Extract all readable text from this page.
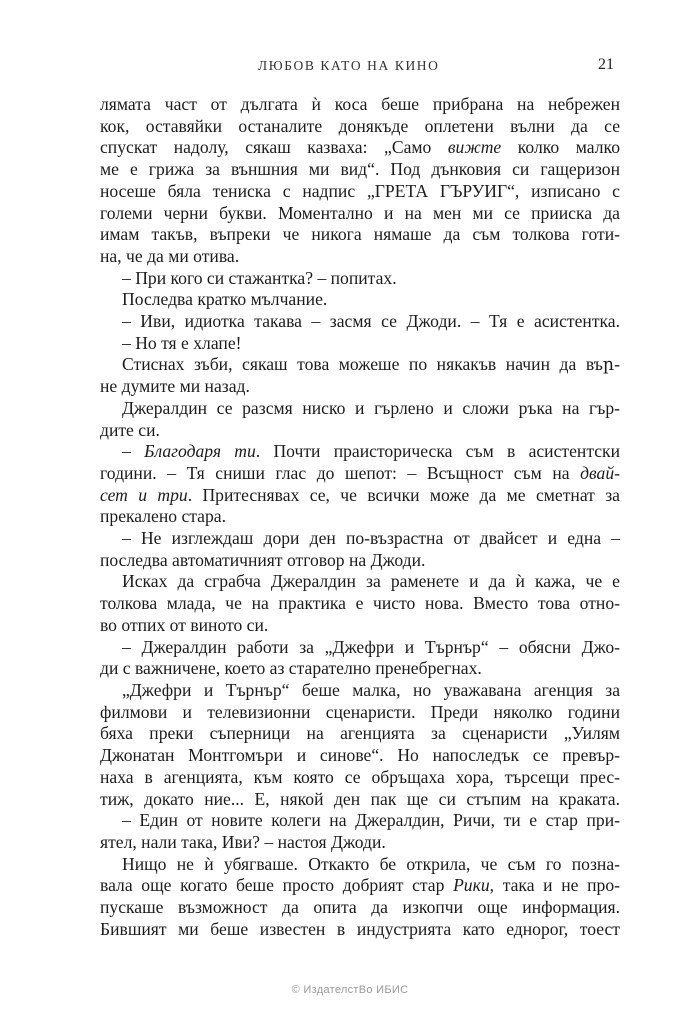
ЛЮБОВ КАТО НА КИНО	21
лямата част от дългата ѝ коса беше прибрана на небрежен
кок, оставяйки останалите донякъде оплетени вълни да се
спускат надолу, сякаш казваха: „Само вижте колко малко
ме е грижа за външния ми вид“. Под дънковия си гащеризон
носеше бяла тениска с надпис „ГРЕТА ГЪРУИГ“, изписано с
големи черни букви. Моментално и на мен ми се прииска да
имам такъв, въпреки че никога нямаше да съм толкова готи-
на, че да ми отива.
– При кого си стажантка? – попитах.
Последва кратко мълчание.
– Иви, идиотка такава – засмя се Джоди. – Тя е асистентка.
– Но тя е хлапе!
Стиснах зъби, сякаш това можеше по някакъв начин да въր-
не думите ми назад.
Джералдин се разсмя ниско и гърлено и сложи ръка на гър-
дите си.
– Благодаря ти. Почти праисторическа съм в асистентски
години. – Тя сниши глас до шепот: – Всъщност съм на двай-
сет и три. Притеснявах се, че всички може да ме сметнат за
прекалено стара.
– Не изглеждаш дори ден по-възрастна от двайсет и една –
последва автоматичният отговор на Джоди.
Исках да сграбча Джералдин за раменете и да ѝ кажа, че е
толкова млада, че на практика е чисто нова. Вместо това отно-
во отпих от виното си.
– Джералдин работи за „Джефри и Търнър“ – обясни Джо-
ди с важничене, което аз старателно пренебрегнах.
„Джефри и Търнър“ беше малка, но уважавана агенция за
филмови и телевизионни сценаристи. Преди няколко години
бяха преки съперници на агенцията за сценаристи „Уилям
Джонатан Монтгомъри и синове“. Но напоследък се превър-
наха в агенцията, към която се обръщаха хора, търсещи прес-
тиж, докато ние... Е, някой ден пак ще си стъпим на краката.
– Един от новите колеги на Джералдин, Ричи, ти е стар при-
ятел, нали така, Иви? – настоя Джоди.
Нищо не ѝ убягваше. Откакто бе открила, че съм го позна-
вала още когато беше просто добрият стар Рики, така и не про-
пускаше възможност да опита да изкопчи още информация.
Бившият ми беше известен в индустрията като еднорог, тоест
© ИздателстВо ИБИС
